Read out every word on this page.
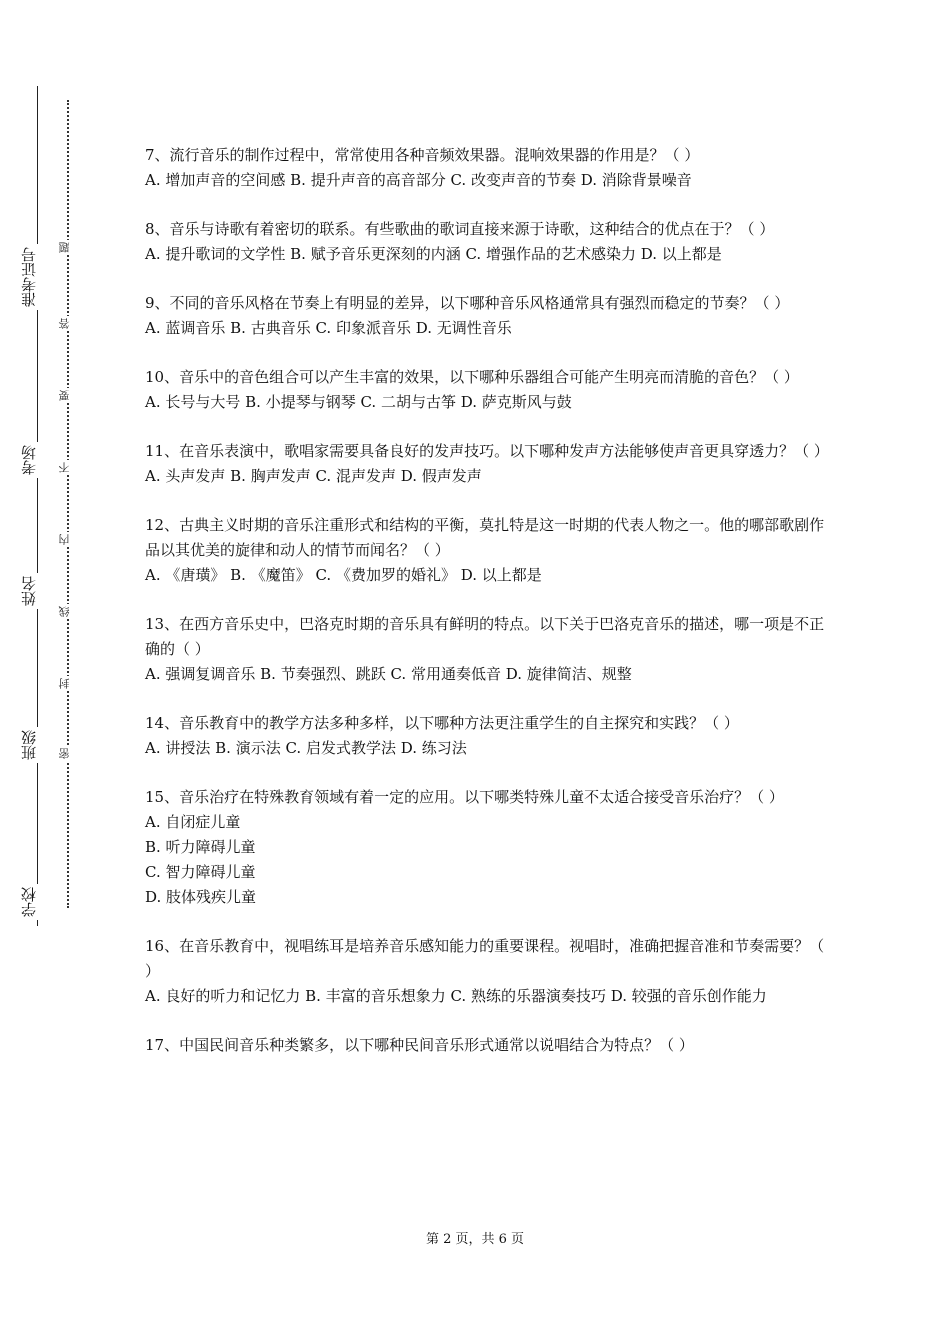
准考证号
考场
姓名
班级
学校
题
答
要
不
内
线
封
密

7、流行音乐的制作过程中，常常使用各种音频效果器。混响效果器的作用是？（ ）

A. 增加声音的空间感 B. 提升声音的高音部分 C. 改变声音的节奏 D. 消除背景噪音

8、音乐与诗歌有着密切的联系。有些歌曲的歌词直接来源于诗歌，这种结合的优点在于？（ ）

A. 提升歌词的文学性 B. 赋予音乐更深刻的内涵 C. 增强作品的艺术感染力 D. 以上都是

9、不同的音乐风格在节奏上有明显的差异，以下哪种音乐风格通常具有强烈而稳定的节奏？（ ）

A. 蓝调音乐 B. 古典音乐 C. 印象派音乐 D. 无调性音乐

10、音乐中的音色组合可以产生丰富的效果，以下哪种乐器组合可能产生明亮而清脆的音色？（ ）

A. 长号与大号 B. 小提琴与钢琴 C. 二胡与古筝 D. 萨克斯风与鼓

11、在音乐表演中，歌唱家需要具备良好的发声技巧。以下哪种发声方法能够使声音更具穿透力？（ ）

A. 头声发声 B. 胸声发声 C. 混声发声 D. 假声发声

12、古典主义时期的音乐注重形式和结构的平衡，莫扎特是这一时期的代表人物之一。他的哪部歌剧作品以其优美的旋律和动人的情节而闻名？（ ）

A. 《唐璜》 B. 《魔笛》 C. 《费加罗的婚礼》 D. 以上都是

13、在西方音乐史中，巴洛克时期的音乐具有鲜明的特点。以下关于巴洛克音乐的描述，哪一项是不正确的（ ）

A. 强调复调音乐 B. 节奏强烈、跳跃 C. 常用通奏低音 D. 旋律简洁、规整

14、音乐教育中的教学方法多种多样，以下哪种方法更注重学生的自主探究和实践？（ ）

A. 讲授法 B. 演示法 C. 启发式教学法 D. 练习法

15、音乐治疗在特殊教育领域有着一定的应用。以下哪类特殊儿童不太适合接受音乐治疗？（ ）

A. 自闭症儿童

B. 听力障碍儿童

C. 智力障碍儿童

D. 肢体残疾儿童

16、在音乐教育中，视唱练耳是培养音乐感知能力的重要课程。视唱时，准确把握音准和节奏需要？（ ）

A. 良好的听力和记忆力 B. 丰富的音乐想象力 C. 熟练的乐器演奏技巧 D. 较强的音乐创作能力

17、中国民间音乐种类繁多，以下哪种民间音乐形式通常以说唱结合为特点？（ ）

第 2 页，共 6 页
